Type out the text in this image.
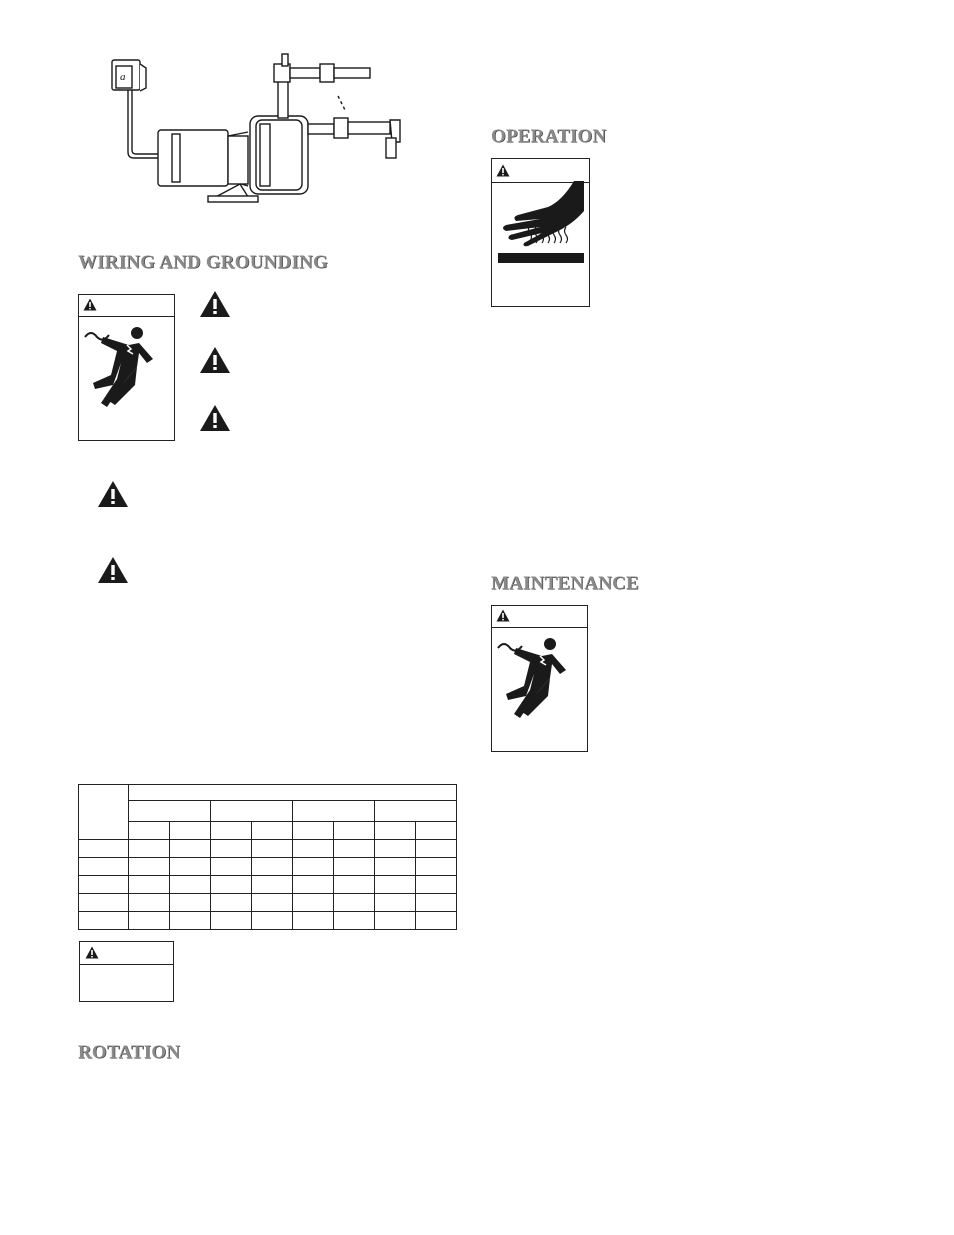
a
WIRING AND GROUNDING

ROTATION
OPERATION
MAINTENANCE
